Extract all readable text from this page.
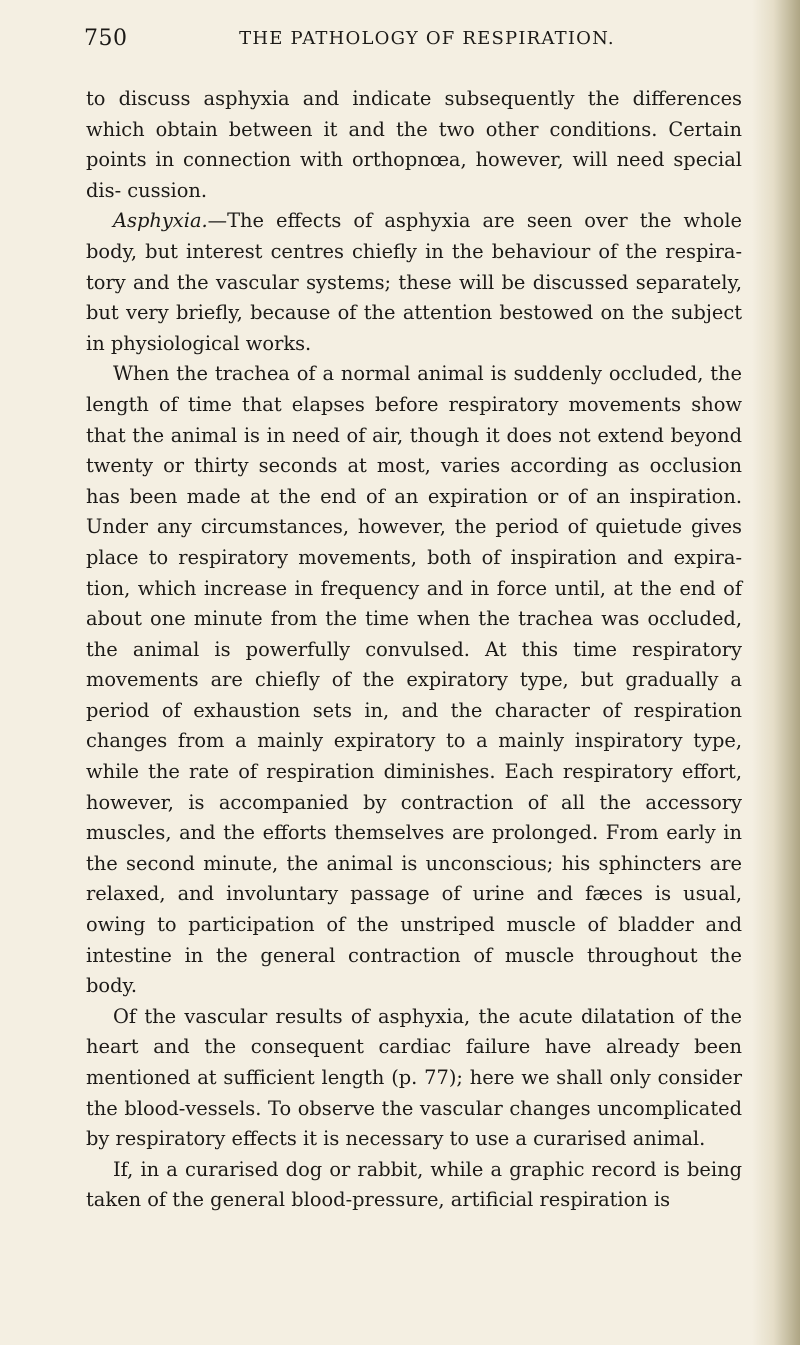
750	THE PATHOLOGY OF RESPIRATION.

to discuss asphyxia and indicate subsequently the differences which obtain between it and the two other conditions. Certain points in connection with orthopnœa, however, will need special dis- cussion.

Asphyxia.—The effects of asphyxia are seen over the whole body, but interest centres chiefly in the behaviour of the respira- tory and the vascular systems; these will be discussed separately, but very briefly, because of the attention bestowed on the subject in physiological works.

When the trachea of a normal animal is suddenly occluded, the length of time that elapses before respiratory movements show that the animal is in need of air, though it does not extend beyond twenty or thirty seconds at most, varies according as occlusion has been made at the end of an expiration or of an inspiration. Under any circumstances, however, the period of quietude gives place to respiratory movements, both of inspiration and expira- tion, which increase in frequency and in force until, at the end of about one minute from the time when the trachea was occluded, the animal is powerfully convulsed. At this time respiratory movements are chiefly of the expiratory type, but gradually a period of exhaustion sets in, and the character of respiration changes from a mainly expiratory to a mainly inspiratory type, while the rate of respiration diminishes. Each respiratory effort, however, is accompanied by contraction of all the accessory muscles, and the efforts themselves are prolonged. From early in the second minute, the animal is unconscious; his sphincters are relaxed, and involuntary passage of urine and fæces is usual, owing to participation of the unstriped muscle of bladder and intestine in the general contraction of muscle throughout the body.

Of the vascular results of asphyxia, the acute dilatation of the heart and the consequent cardiac failure have already been mentioned at sufficient length (p. 77); here we shall only consider the blood-vessels. To observe the vascular changes uncomplicated by respiratory effects it is necessary to use a curarised animal.

If, in a curarised dog or rabbit, while a graphic record is being taken of the general blood-pressure, artificial respiration is
